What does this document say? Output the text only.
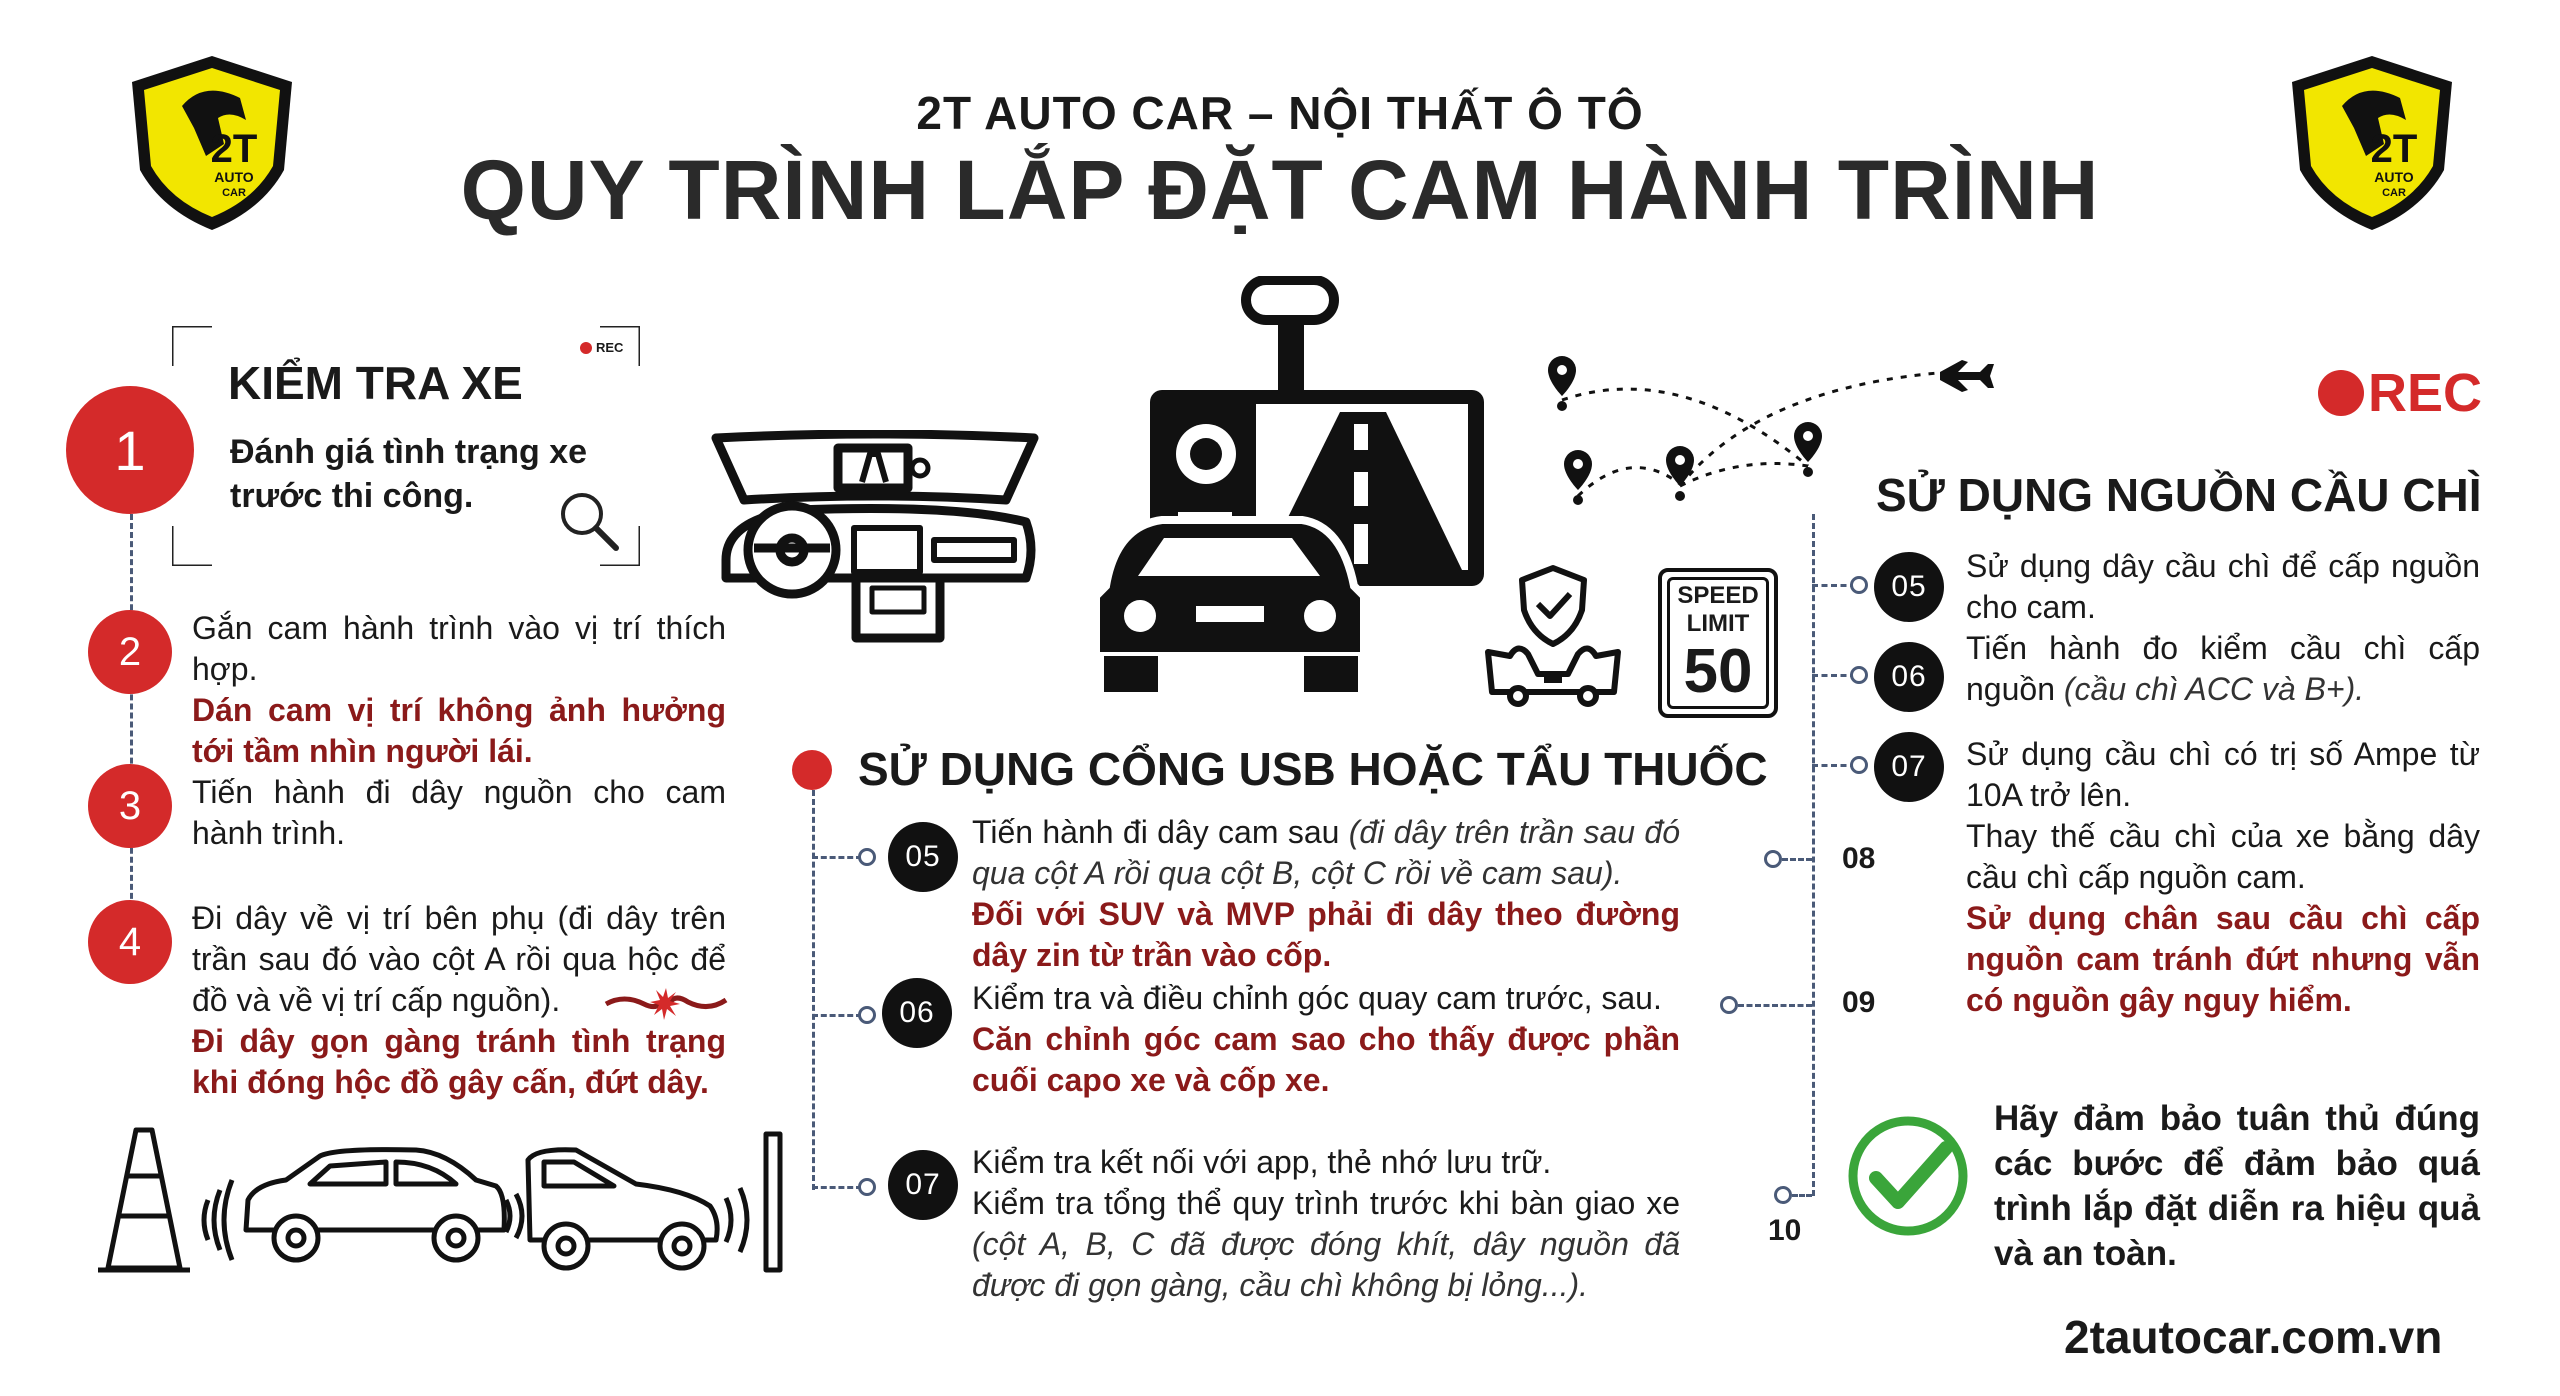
2T
AUTO
CAR
2T
AUTO
CAR
2T AUTO CAR – NỘI THẤT Ô TÔ
QUY TRÌNH LẮP ĐẶT CAM HÀNH TRÌNH
REC
1
KIỂM TRA XE
Đánh giá tình trạng xe trước thi công.
2

Gắn cam hành trình vào vị trí thích hợp.

Dán cam vị trí không ảnh hưởng tới tầm nhìn người lái.

3	Tiến hành đi dây nguồn cho cam hành trình.
4

Đi dây về vị trí bên phụ (đi dây trên trần sau đó vào cột A rồi qua hộc để đồ và về vị trí cấp nguồn).

Đi dây gọn gàng tránh tình trạng khi đóng hộc đồ gây cấn, đứt dây.

SPEED
LIMIT
50
SỬ DỤNG CỔNG USB HOẶC TẨU THUỐC
05

Tiến hành đi dây cam sau (đi dây trên trần sau đó qua cột A rồi qua cột B, cột C rồi về cam sau).

Đối với SUV và MVP phải đi dây theo đường dây zin từ trần vào cốp.

06	Kiểm tra và điều chỉnh góc quay cam trước, sau.

Căn chỉnh góc cam sao cho thấy được phần cuối capo xe và cốp xe.

07

Kiểm tra kết nối với app, thẻ nhớ lưu trữ.

Kiểm tra tổng thể quy trình trước khi bàn giao xe (cột A, B, C đã được đóng khít, dây nguồn đã được đi gọn gàng, cầu chì không bị lỏng...).

REC
SỬ DỤNG NGUỒN CẦU CHÌ
05
Sử dụng dây cầu chì để cấp nguồn cho cam.
06
Tiến hành đo kiểm cầu chì cấp nguồn (cầu chì ACC và B+).
07	Sử dụng cầu chì có trị số Ampe từ 10A trở lên.
08
Thay thế cầu chì của xe bằng dây cầu chì cấp nguồn cam.
09
Sử dụng chân sau cầu chì cấp nguồn cam tránh đứt nhưng vẫn có nguồn gây nguy hiểm.
10
Hãy đảm bảo tuân thủ đúng các bước để đảm bảo quá trình lắp đặt diễn ra hiệu quả và an toàn.
2tautocar.com.vn
